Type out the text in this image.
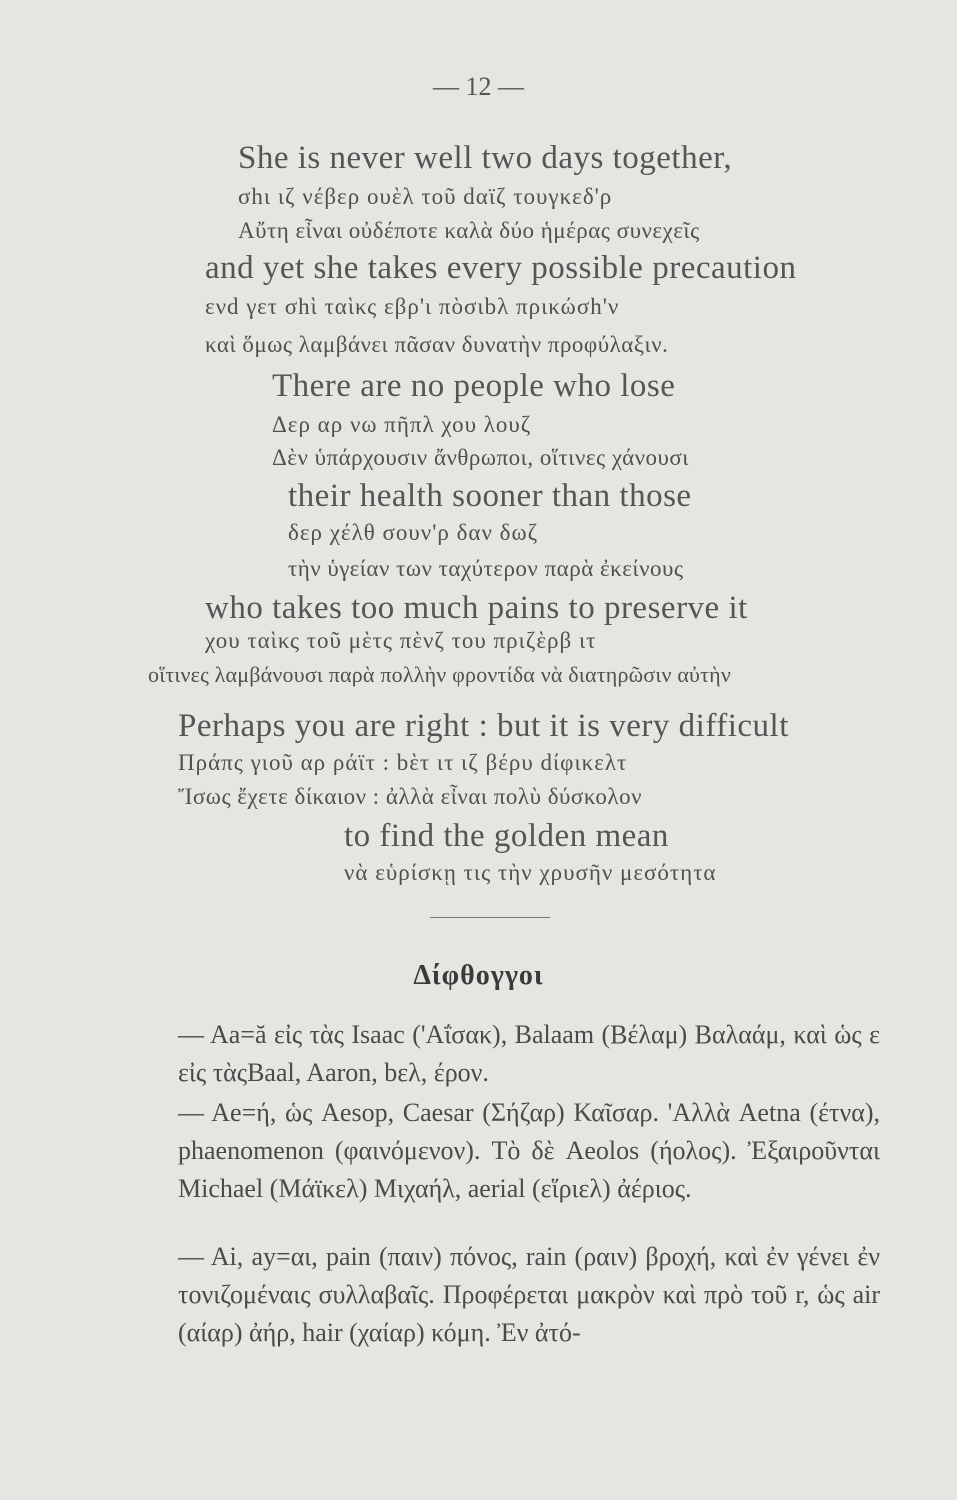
— 12 —
She is never well two days together,
σhι ιζ νέβερ ουὲλ τοῦ dαϊζ τουγκεδ'ρ
Αὔτη εἶναι οὐδέποτε καλὰ δύο ἡμέρας συνεχεῖς
and yet she takes every possible precaution
ενd γετ σhὶ ταὶκς εβρ'ι πὸσιbλ πρικώσh'ν
καὶ ὅμως λαμβάνει πᾶσαν δυνατὴν προφύλαξιν.
There are no people who lose
Δερ αρ νω πῆπλ χου λουζ
Δὲν ὑπάρχουσιν ἄνθρωποι, οἵτινες χάνουσι
their health sooner than those
δερ χέλθ σουν'ρ δαν δωζ
τὴν ὑγείαν των ταχύτερον παρὰ ἐκείνους
who takes too much pains to preserve it
χου ταὶκς τοῦ μὲτς πὲνζ του πριζὲρβ ιτ
οἵτινες λαμβάνουσι παρὰ πολλὴν φροντίδα νὰ διατηρῶσιν αὐτὴν
Perhaps you are right : but it is very difficult
Πράπς γιοῦ αρ ράϊτ : bὲτ ιτ ιζ βέρυ dίφικελτ
Ἴσως ἔχετε δίκαιον : ἀλλὰ εἶναι πολὺ δύσκολον
to find the golden mean
νὰ εὑρίσκῃ τις τὴν χρυσῆν μεσότητα
Δίφθογγοι

— Aa=ă εἰς τὰς Isaac ('Αΐσακ), Balaam (Βέλαμ) Βαλαάμ, καὶ ὡς ε εἰς τὰςBaal, Aaron, bελ, έρον.

— Ae=ή, ὡς Aesop, Caesar (Σήζαρ) Καῖσαρ. 'Αλλὰ Aetna (έτνα), phaenomenon (φαινόμενον). Τὸ δὲ Aeolos (ήολος). Ἐξαιροῦνται Michael (Μάϊκελ) Μιχαήλ, aerial (εἵριελ) ἀέριος.

— Ai, ay=αι, pain (παιν) πόνος, rain (ραιν) βροχή, καὶ ἐν γένει ἐν τονιζομέναις συλλαβαῖς. Προφέρεται μακρὸν καὶ πρὸ τοῦ r, ὡς air (αίαρ) ἀήρ, hair (χαίαρ) κόμη. Ἐν ἀτό-
